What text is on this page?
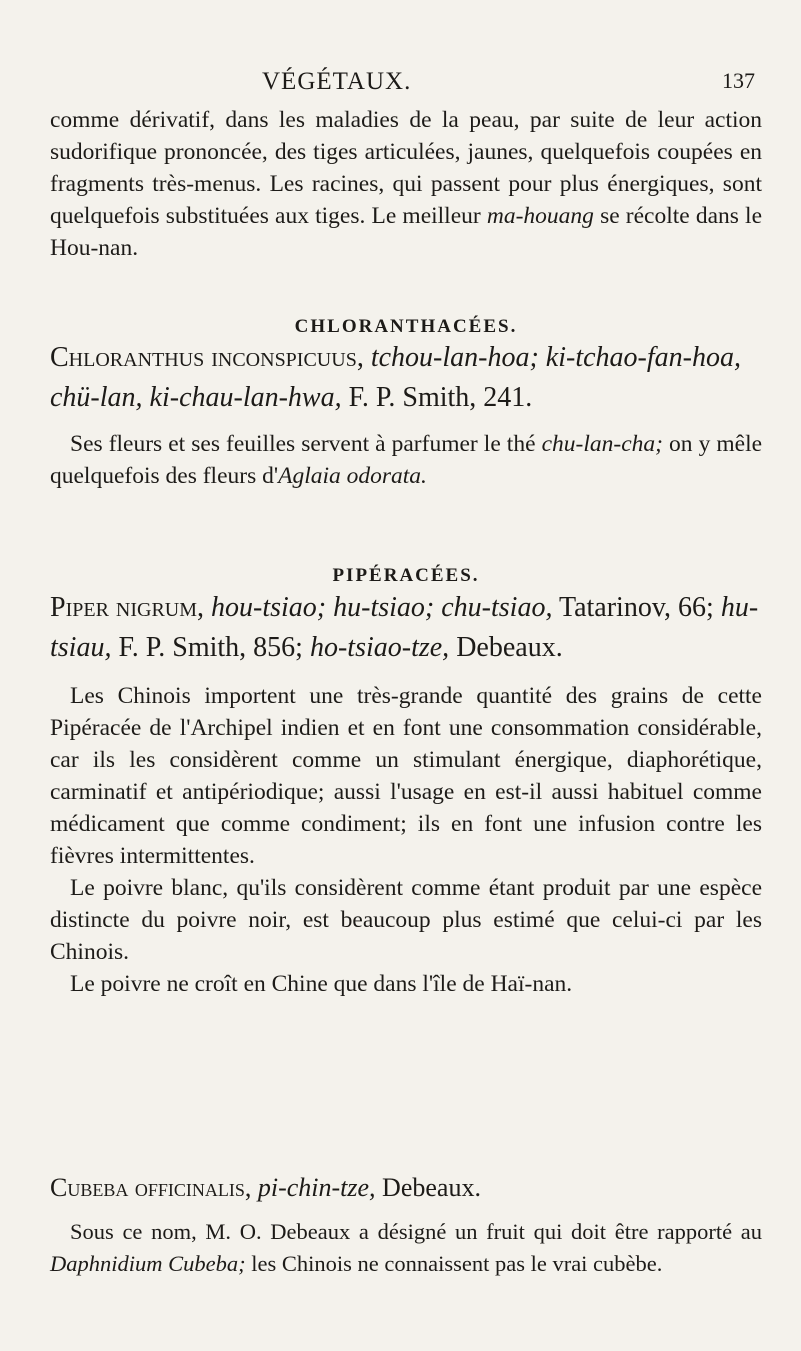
VÉGÉTAUX.	137

comme dérivatif, dans les maladies de la peau, par suite de leur action sudorifique prononcée, des tiges articulées, jaunes, quelquefois coupées en fragments très-menus. Les racines, qui passent pour plus énergiques, sont quelquefois substituées aux tiges. Le meilleur ma-houang se récolte dans le Hou-nan.

CHLORANTHACÉES.

Chloranthus inconspicuus, tchou-lan-hoa; ki-tchao-fan-hoa, chü-lan, ki-chau-lan-hwa, F. P. Smith, 241.

Ses fleurs et ses feuilles servent à parfumer le thé chu-lan-cha; on y mêle quelquefois des fleurs d'Aglaia odorata.

PIPÉRACÉES.

Piper nigrum, hou-tsiao; hu-tsiao; chu-tsiao, Tatarinov, 66; hu-tsiau, F. P. Smith, 856; ho-tsiao-tze, Debeaux.

Les Chinois importent une très-grande quantité des grains de cette Pipéracée de l'Archipel indien et en font une consommation considérable, car ils les considèrent comme un stimulant énergique, diaphorétique, carminatif et antipériodique; aussi l'usage en est-il aussi habituel comme médicament que comme condiment; ils en font une infusion contre les fièvres intermittentes.

Le poivre blanc, qu'ils considèrent comme étant produit par une espèce distincte du poivre noir, est beaucoup plus estimé que celui-ci par les Chinois.

Le poivre ne croît en Chine que dans l'île de Haï-nan.

Cubeba officinalis, pi-chin-tze, Debeaux.

Sous ce nom, M. O. Debeaux a désigné un fruit qui doit être rapporté au Daphnidium Cubeba; les Chinois ne connaissent pas le vrai cubèbe.
